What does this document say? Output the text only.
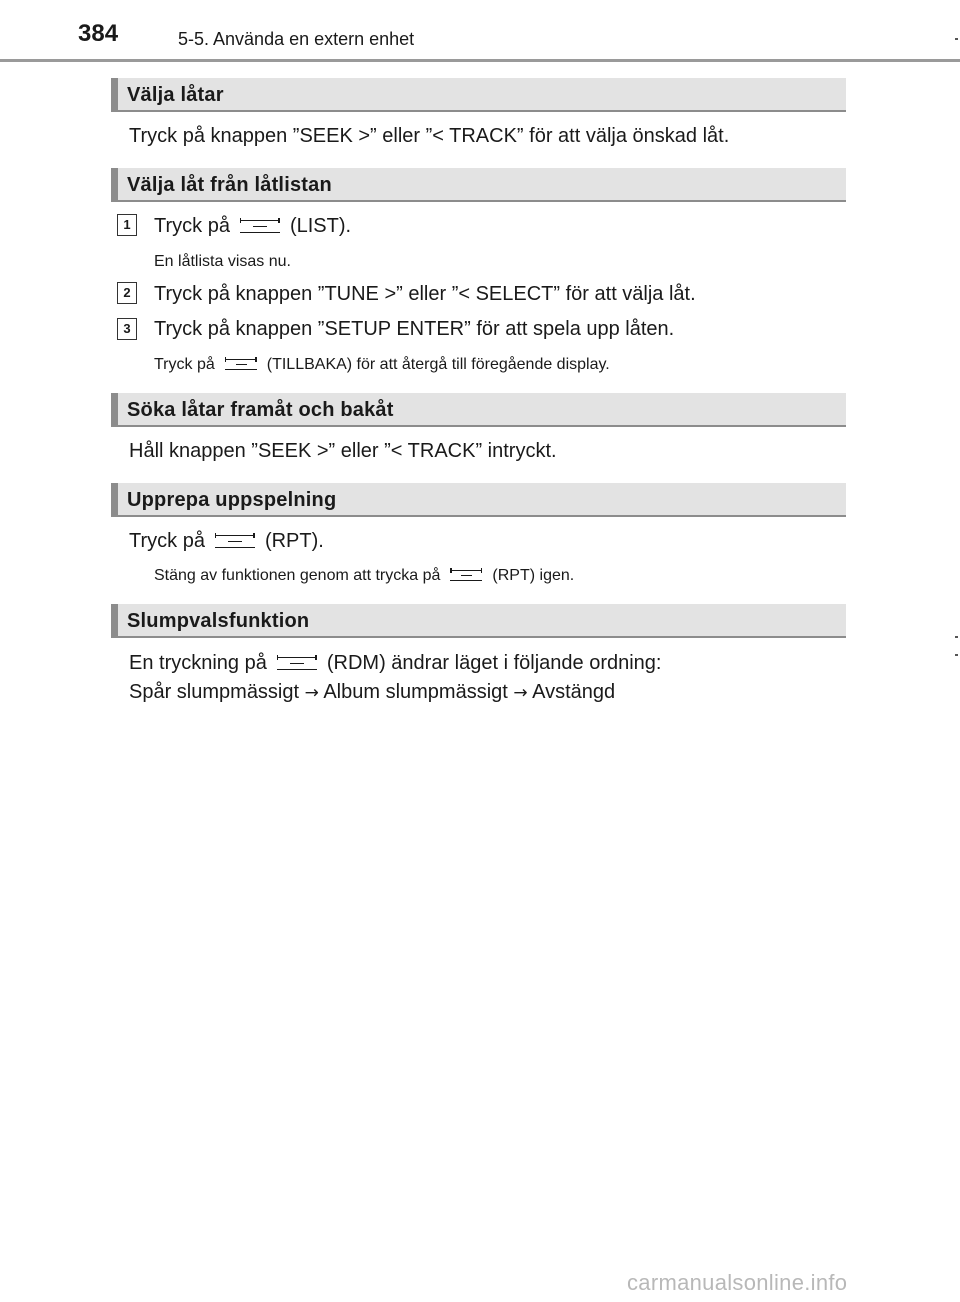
384	5-5. Använda en extern enhet
Välja låtar
Tryck på knappen ”SEEK >” eller ”< TRACK” för att välja önskad låt.
Välja låt från låtlistan
1	Tryck på	(LIST).
En låtlista visas nu.
2	Tryck på knappen ”TUNE >” eller ”< SELECT” för att välja låt.
3	Tryck på knappen ”SETUP ENTER” för att spela upp låten.
Tryck på	(TILLBAKA) för att återgå till föregående display.
Söka låtar framåt och bakåt
Håll knappen ”SEEK >” eller ”< TRACK” intryckt.
Upprepa uppspelning
Tryck på	(RPT).
Stäng av funktionen genom att trycka på	(RPT) igen.
Slumpvalsfunktion
En tryckning på	(RDM) ändrar läget i följande ordning:
Spår slumpmässigt → Album slumpmässigt → Avstängd
carmanualsonline.info
